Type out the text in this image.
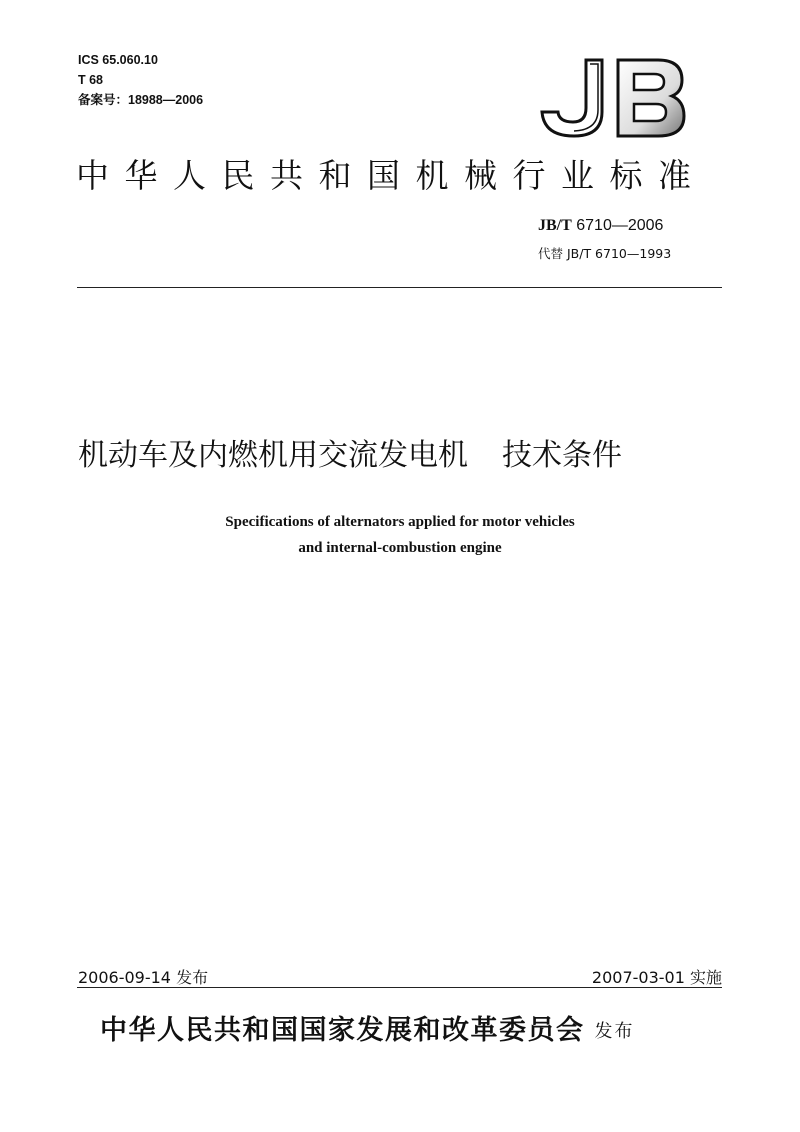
ICS 65.060.10
T 68
备案号：18988—2006
中华人民共和国机械行业标准
JB/T 6710—2006
代替 JB/T 6710—1993
机动车及内燃机用交流发电机 技术条件
Specifications of alternators applied for motor vehicles
and internal-combustion engine
2006-09-14 发布	2007-03-01 实施
中华人民共和国国家发展和改革委员会 发布
